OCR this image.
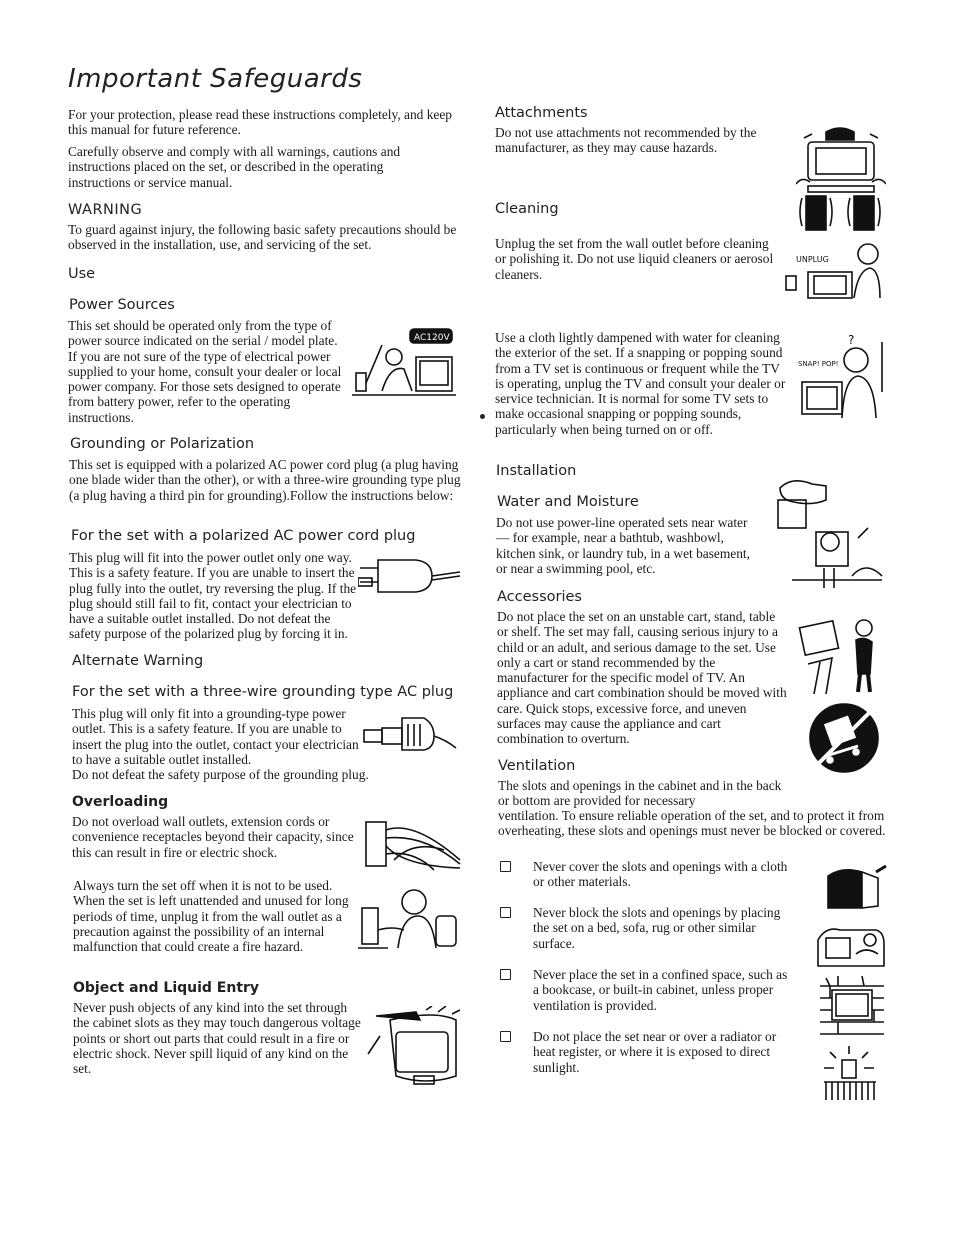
Important Safeguards
For your protection, please read these instructions completely, and keep this manual for future reference.
Carefully observe and comply with all warnings, cautions and instructions placed on the set, or described in the operating instructions or service manual.
WARNING
To guard against injury, the following basic safety precautions should be observed in the installation, use, and servicing of the set.
Use
Power Sources
This set should be operated only from the type of power source indicated on the serial / model plate. If you are not sure of the type of electrical power supplied to your home, consult your dealer or local power company. For those sets designed to operate from battery power, refer to the operating instructions.
AC120V
Grounding or Polarization
This set is equipped with a polarized AC power cord plug (a plug having one blade wider than the other), or with a three-wire grounding type plug (a plug having a third pin for grounding).Follow the instructions below:
For the set with a polarized AC power cord plug
This plug will fit into the power outlet only one way. This is a safety feature. If you are unable to insert the plug fully into the outlet, try reversing the plug. If the plug should still fail to fit, contact your electrician to have a suitable outlet installed. Do not defeat the safety purpose of the polarized plug by forcing it in.
Alternate Warning
For the set with a three-wire grounding type AC plug
This plug will only fit into a grounding-type power outlet. This is a safety feature. If you are unable to insert the plug into the outlet, contact your electrician to have a suitable outlet installed.
Do not defeat the safety purpose of the grounding plug.
Overloading
Do not overload wall outlets, extension cords or convenience receptacles beyond their capacity, since this can result in fire or electric shock.
Always turn the set off when it is not to be used. When the set is left unattended and unused for long periods of time, unplug it from the wall outlet as a precaution against the possibility of an internal malfunction that could create a fire hazard.
Object and Liquid Entry
Never push objects of any kind into the set through the cabinet slots as they may touch dangerous voltage points or short out parts that could result in a fire or electric shock. Never spill liquid of any kind on the set.
Attachments
Do not use attachments not recommended by the manufacturer, as they may cause hazards.
Cleaning
Unplug the set from the wall outlet before cleaning or polishing it. Do not use liquid cleaners or aerosol cleaners.
UNPLUG
Use a cloth lightly dampened with water for cleaning the exterior of the set. If a snapping or popping sound from a TV set is continuous or frequent while the TV is operating, unplug the TV and consult your dealer or service technician. It is normal for some TV sets to make occasional snapping or popping sounds, particularly when being turned on or off.
SNAP! POP!
?
Installation
Water and Moisture
Do not use power-line operated sets near water — for example, near a bathtub, washbowl, kitchen sink, or laundry tub, in a wet basement, or near a swimming pool, etc.
Accessories
Do not place the set on an unstable cart, stand, table or shelf. The set may fall, causing serious injury to a child or an adult, and serious damage to the set. Use only a cart or stand recommended by the manufacturer for the specific model of TV. An appliance and cart combination should be moved with care. Quick stops, excessive force, and uneven surfaces may cause the appliance and cart combination to overturn.
Ventilation
The slots and openings in the cabinet and in the back or bottom are provided for necessary
ventilation. To ensure reliable operation of the set, and to protect it from overheating, these slots and openings must never be blocked or covered.
Never cover the slots and openings with a cloth or other materials.
Never block the slots and openings by placing the set on a bed, sofa, rug or other similar surface.
Never place the set in a confined space, such as a bookcase, or built-in cabinet, unless proper ventilation is provided.
Do not place the set near or over a radiator or heat register, or where it is exposed to direct sunlight.
